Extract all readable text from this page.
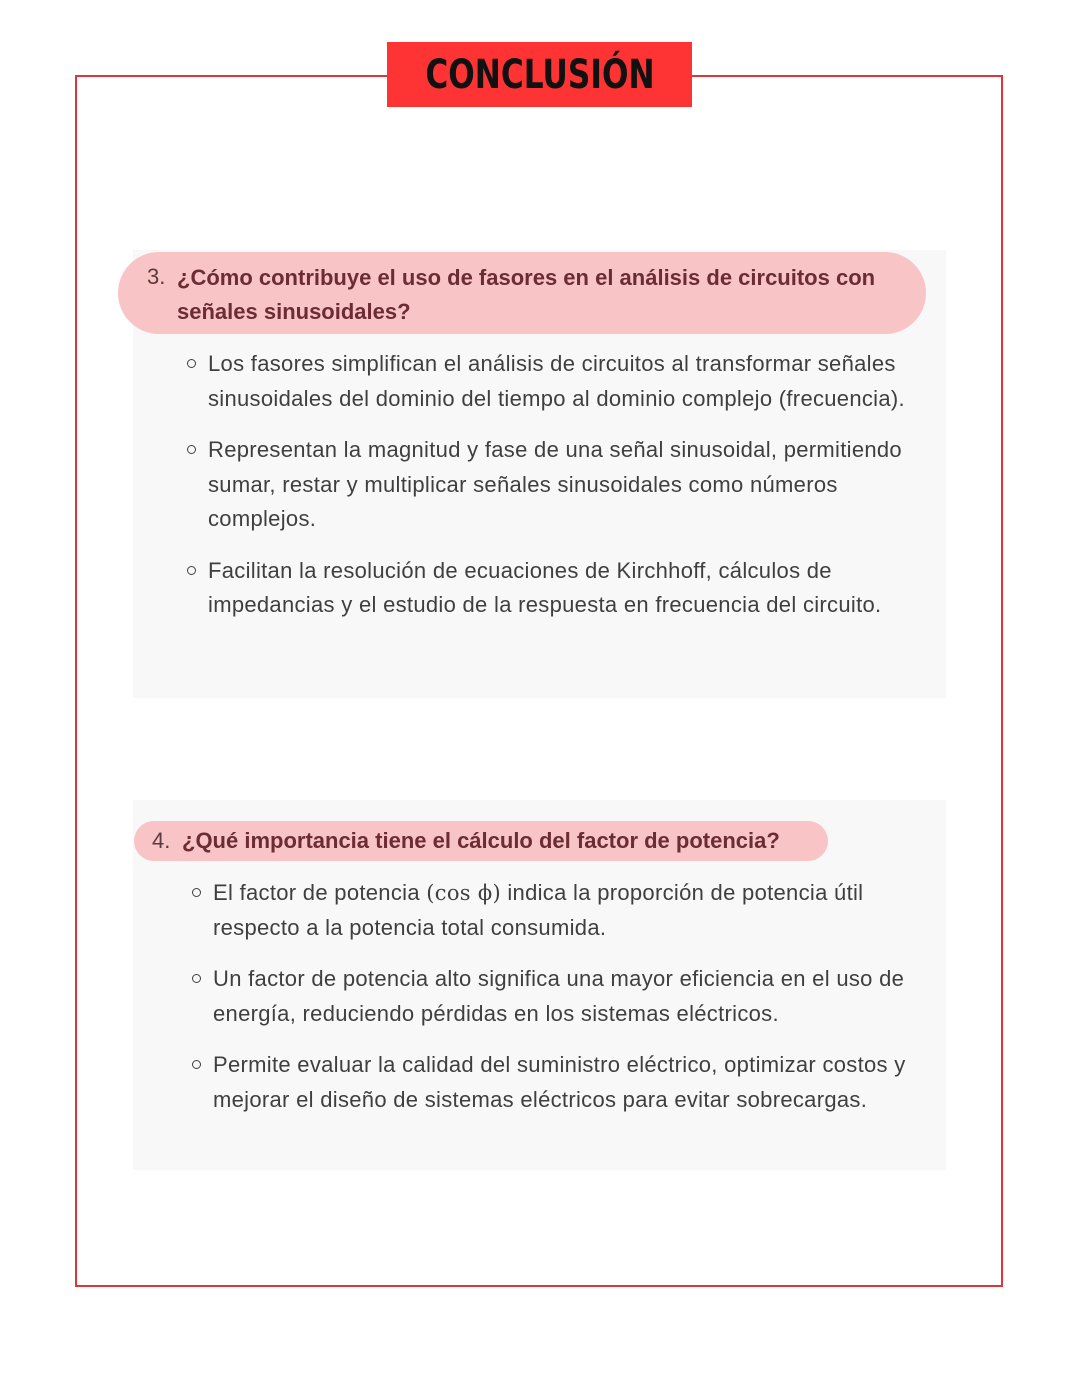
CONCLUSIÓN
3. ¿Cómo contribuye el uso de fasores en el análisis de circuitos con señales sinusoidales?
Los fasores simplifican el análisis de circuitos al transformar señales sinusoidales del dominio del tiempo al dominio complejo (frecuencia).
Representan la magnitud y fase de una señal sinusoidal, permitiendo sumar, restar y multiplicar señales sinusoidales como números complejos.
Facilitan la resolución de ecuaciones de Kirchhoff, cálculos de impedancias y el estudio de la respuesta en frecuencia del circuito.
4. ¿Qué importancia tiene el cálculo del factor de potencia?
El factor de potencia (cos ϕ) indica la proporción de potencia útil respecto a la potencia total consumida.
Un factor de potencia alto significa una mayor eficiencia en el uso de energía, reduciendo pérdidas en los sistemas eléctricos.
Permite evaluar la calidad del suministro eléctrico, optimizar costos y mejorar el diseño de sistemas eléctricos para evitar sobrecargas.
